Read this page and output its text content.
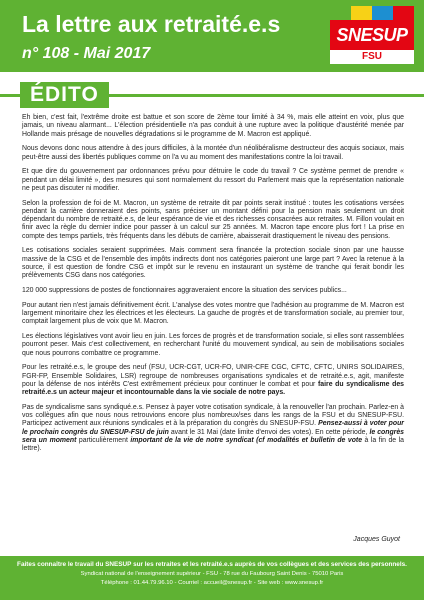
La lettre aux retraité.e.s
n° 108 - Mai 2017
SNESUP
FSU
ÉDITO

Eh bien, c'est fait, l'extrême droite est battue et son score de 2ème tour limité à 34 %, mais elle atteint en voix, plus que jamais, un niveau alarmant... L'élection présidentielle n'a pas conduit à une rupture avec la politique d'austérité menée par Hollande mais présage de nouvelles dégradations si le programme de M. Macron est appliqué.

Nous devons donc nous attendre à des jours difficiles, à la montée d'un néolibéralisme destructeur des acquis sociaux, mais peut-être aussi des libertés publiques comme on l'a vu au moment des manifestations contre la loi travail.

Et que dire du gouvernement par ordonnances prévu pour détruire le code du travail ? Ce système permet de prendre « pendant un délai limité », des mesures qui sont normalement du ressort du Parlement mais que la représentation nationale ne peut pas discuter ni modifier.

Selon la profession de foi de M. Macron, un système de retraite dit par points serait institué : toutes les cotisations versées pendant la carrière donneraient des points, sans préciser un montant défini pour la pension mais seulement un droit dépendant du nombre de retraité.e.s, de leur espérance de vie et des richesses consacrées aux retraites. M. Fillon voulait en finir avec la règle du dernier indice pour passer à un calcul sur 25 années. M. Macron tape encore plus fort ! La prise en compte des temps partiels, très fréquents dans les débuts de carrière, abaisserait drastiquement le niveau des pensions.

Les cotisations sociales seraient supprimées. Mais comment sera financée la protection sociale sinon par une hausse massive de la CSG et de l'ensemble des impôts indirects dont nos catégories paieront une large part ? Avec la retenue à la source, il est question de fondre CSG et impôt sur le revenu en instaurant un système de tranche qui ferait bondir les prélèvements CSG dans nos catégories.

120 000 suppressions de postes de fonctionnaires aggraveraient encore la situation des services publics...

Pour autant rien n'est jamais définitivement écrit. L'analyse des votes montre que l'adhésion au programme de M. Macron est largement minoritaire chez les électrices et les électeurs. La gauche de progrès et de transformation sociale, au premier tour, comptait largement plus de voix que M. Macron.

Les élections législatives vont avoir lieu en juin. Les forces de progrès et de transformation sociale, si elles sont rassemblées pourront peser. Mais c'est collectivement, en recherchant l'unité du mouvement syndical, au sein de mobilisations sociales que nous pourrons combattre ce programme.

Pour les retraité.e.s, le groupe des neuf (FSU, UCR-CGT, UCR-FO, UNIR-CFE CGC, CFTC, CFTC, UNIRS SOLIDAIRES, FGR-FP, Ensemble Solidaires, LSR) regroupe de nombreuses organisations syndicales et de retraité.e.s, agit, manifeste pour la défense de nos intérêts C'est extrêmement précieux pour continuer le combat et pour faire du syndicalisme des retraité.e.s un acteur majeur et incontournable dans la vie sociale de notre pays.

Pas de syndicalisme sans syndiqué.e.s. Pensez à payer votre cotisation syndicale, à la renouveller l'an prochain. Parlez-en à vos collègues afin que nous nous retrouvions encore plus nombreux/ses dans les rangs de la FSU et du SNESUP-FSU. Participez activement aux réunions syndicales et à la préparation du congrès du SNESUP-FSU. Pensez-aussi à voter pour le prochain congrès du SNESUP-FSU de juin avant le 31 Mai (date limite d'envoi des votes). En cette période, le congrès sera un moment particulièrement important de la vie de notre syndicat (cf modalités et bulletin de vote à la fin de la lettre).

Jacques Guyot
Faites connaître le travail du SNESUP sur les retraites et les retraité.e.s auprès de vos collègues et des services des personnels.
Syndicat national de l'enseignement supérieur - FSU - 78 rue du Faubourg Saint Denis - 75010 Paris
Téléphone : 01.44.79.96.10 - Courriel : accueil@snesup.fr - Site web : www.snesup.fr
